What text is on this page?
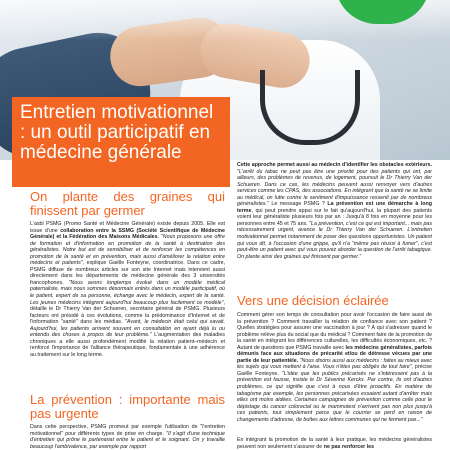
Entretien motivationnel : un outil participatif en médecine générale
On plante des graines qui finissent par germer

L'asbl PSMG (Promo Santé et Médecine Générale) existe depuis 2005. Elle est issue d'une collaboration entre la SSMG (Société Scientifique de Médecine Générale) et la Fédération des Maisons Médicales. "Nous proposons une offre de formation et d'information en promotion de la santé à destination des généralistes. Notre but est de sensibiliser et de renforcer les compétences en promotion de la santé et en prévention, mais aussi d'améliorer la relation entre médecins et patients", explique Gaëlle Fonteyne, coordinatrice. Dans ce cadre, PSMG diffuse de nombreux articles sur son site Internet mais intervient aussi directement dans les départements de médecine générale des 3 universités francophones. "Nous avons longtemps évolué dans un modèle médical paternaliste, mais nous sommes désormais entrés dans un modèle participatif, où le patient, expert de sa personne, échange avec le médecin, expert de la santé. Les jeunes médecins intègrent aujourd'hui beaucoup plus facilement ce modèle", détaille le Dr Thierry Van der Schueren, secrétaire général de PSMG. Plusieurs facteurs ont présidé à ces évolutions, comme la prédominance d'Internet et de l'information "santé" dans les médias. "Avant, le médecin était celui qui savait. Aujourd'hui, les patients arrivent souvent en consultation en ayant déjà lu ou entendu des choses à propos de leur problème." L'augmentation des maladies chroniques a elle aussi profondément modifié la relation patient–médecin et renforcé l'importance de l'alliance thérapeutique, fondamentale à une adhérence au traitement sur le long terme.

La prévention : importante mais pas urgente

Dans cette perspective, PSMG promeut par exemple l'utilisation de "l'entretien motivationnel" pour différents types de prise en charge. "Il s'agit d'une technique d'entretien qui prône le partenariat entre le patient et le soignant. On y travaille beaucoup l'ambivalence, par exemple par rapport

Cette approche permet aussi au médecin d'identifier les obstacles extérieurs. "L'arrêt du tabac ne peut pas être une priorité pour des patients qui ont, par ailleurs, des problèmes de revenus, de logement, poursuit le Dr Thierry Van der Schueren. Dans ce cas, les médecins peuvent aussi renvoyer vers d'autres services comme les CPAS, des associations. En intégrant que la santé ne se limite au médical, on lutte contre le sentiment d'impuissance ressenti par de nombreux généralistes." Le message PSMG ? La prévention est une démarche à long terme, qui peut prendre appui sur le fait qu'aujourd'hui, la plupart des patients voient leur généraliste plusieurs fois par an : Jusqu'à 8 fois en moyenne pour les personnes entre 45 et 75 ans. "La prévention, c'est ce qui est important... mais pas nécessairement urgent, avance le Dr Thierry Van der Schueren. L'entretien motivationnel permet notamment de poser des questions opportunistes. Un patient qui vous dit, à l'occasion d'une grippe, qu'il n'a "même pas réussi à fumer", c'est peut-être un patient avec qui vous pouvez aborder la question de l'arrêt tabagique. On plante ainsi des graines qui finissent par germer."

Vers une décision éclairée

Comment gérer son temps de consultation pour avoir l'occasion de faire aussi de la prévention ? Comment travailler la relation de confiance avec son patient ? Quelles stratégies pour assurer une vaccination à jour ? À qui s'adresser quand le problème relève plus du social que du médical ? Comment faire de la promotion de la santé en intégrant les différences culturelles, les difficultés économiques, etc. ? Autant de questions que PSMG travaille avec les médecins généralistes, parfois démunis face aux situations de précarité et/ou de détresse vécues par une partie de leur patientèle. "Nous disons aussi aux médecins : faites au mieux avec les sujets qui vous mettent à l'aise. Vous n'êtes pas obligés de tout faire", précise Gaëlle Fonteyne. "L'idée que les publics précarisés ne s'intéressent pas à la prévention est fausse, insiste le Dr Séverine Kerckx. Par contre, ils ont d'autres problèmes, ce qui signifie que c'est à nous d'être proactifs. En matière de tabagisme par exemple, les personnes précarisées essaient autant d'arrêter mais elles ont moins aidées. Certaines campagnes de prévention comme celle pour le dépistage du cancer colorectal ou le mammotest n'arrivent pas non plus jusqu'à ces patients, tout simplement parce que le courrier se perd en raison de changements d'adresse, de boîtes aux lettres communes qui ne ferment pas..."

En intégrant la promotion de la santé à leur pratique, les médecins généralistes peuvent non seulement s'assurer de ne pas renforcer les
